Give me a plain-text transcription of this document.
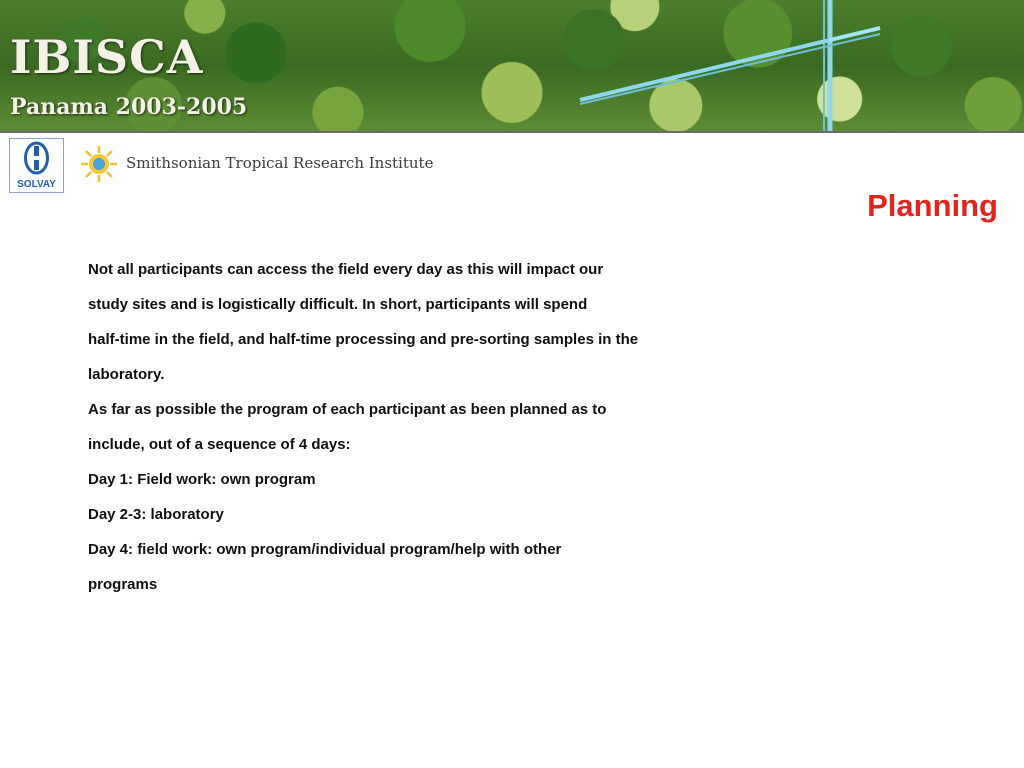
IBISCA
Panama 2003-2005
SOLVAY
Smithsonian Tropical Research Institute
Planning
Not all participants can access the field every day as this will impact our
study sites and is logistically difficult. In short, participants will spend
half-time in the field, and half-time processing and pre-sorting samples in the
laboratory.
As far as possible the program of each participant as been planned as to
include, out of a sequence of 4 days:
Day 1: Field work: own program
Day 2-3: laboratory
Day 4: field work: own program/individual program/help with other
programs
